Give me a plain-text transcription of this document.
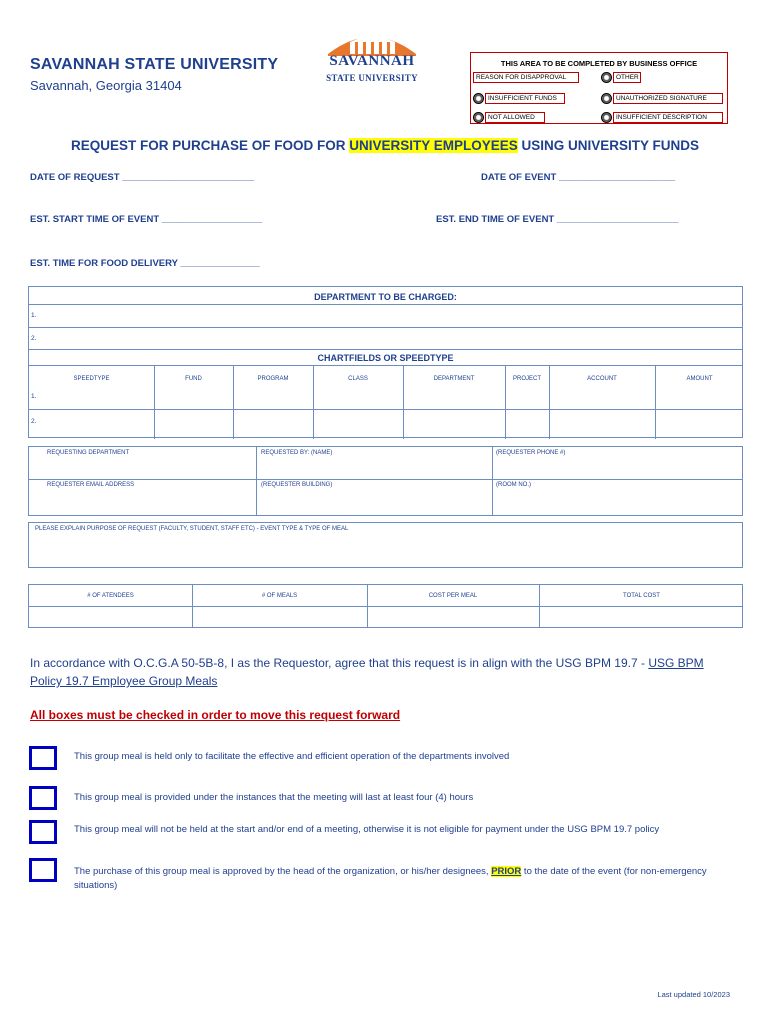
SAVANNAH STATE UNIVERSITY
Savannah, Georgia 31404
SAVANNAH
STATE UNIVERSITY
THIS AREA TO BE COMPLETED BY BUSINESS OFFICE
REASON FOR DISAPPROVAL	OTHER
INSUFFICIENT FUNDS	UNAUTHORIZED SIGNATURE
NOT ALLOWED	INSUFFICIENT DESCRIPTION
REQUEST FOR PURCHASE OF FOOD FOR UNIVERSITY EMPLOYEES USING UNIVERSITY FUNDS
DATE OF REQUEST _________________________	DATE OF EVENT ______________________
EST. START TIME OF EVENT ___________________	EST. END TIME OF EVENT _______________________
EST. TIME FOR FOOD DELIVERY _______________
DEPARTMENT TO BE CHARGED:
1.
2.
CHARTFIELDS OR SPEEDTYPE
SPEEDTYPE	FUND	PROGRAM	CLASS	DEPARTMENT	PROJECT	ACCOUNT	AMOUNT
1.
2.
REQUESTING DEPARTMENT	REQUESTED BY: (NAME)	(REQUESTER PHONE #)
REQUESTER EMAIL ADDRESS	(REQUESTER BUILDING)	(ROOM NO.)
PLEASE EXPLAIN PURPOSE OF REQUEST (FACULTY, STUDENT, STAFF ETC) - EVENT TYPE & TYPE OF MEAL
# OF ATENDEES	# OF MEALS	COST PER MEAL	TOTAL COST
In accordance with O.C.G.A 50-5B-8, I as the Requestor, agree that this request is in align with the USG BPM 19.7 - USG BPM Policy 19.7 Employee Group Meals
All boxes must be checked in order to move this request forward
This group meal is held only to facilitate the effective and efficient operation of the departments involved
This group meal is provided under the instances that the meeting will last at least four (4) hours
This group meal will not be held at the start and/or end of a meeting, otherwise it is not eligible for payment under the USG BPM 19.7 policy
The purchase of this group meal is approved by the head of the organization, or his/her designees, PRIOR to the date of the event (for non-emergency situations)
Last updated 10/2023
